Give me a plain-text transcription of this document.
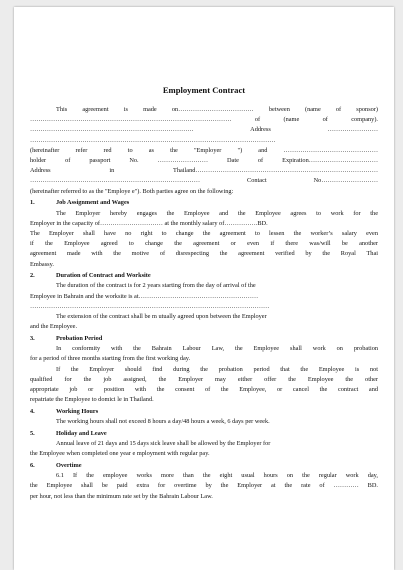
Employment Contract

This agreement is made on……………………………… between (name of sponsor)

…………………………………………………………………………………… of (name of company).

…………………………………………………………………… Address ……………………

………………………………………………………………………………………………………

(hereinafter refer red to as the "Employer ") and ………………………………………

holder of passport No. …………………… Date of Expiration……………………………

Address in Thailand……………………………………………………………………………

……………………………………………………………………… Contact No………………………

(hereinafter referred to as the "Employe e"). Both parties agree on the following:

1.	Job Assignment and Wages

The Employer hereby engages the Employee and the Employee agrees to work for the

Employer in the capacity of………………………… at the monthly salary of…………….BD.

The Employer shall have no right to change the agreement to lessen the worker’s salary even

if the Employee agreed to change the agreement or even if there was/will be another

agreement made with the motive of disrespecting the agreement verified by the Royal Thai

Embassy.

2.	Duration of Contract and Worksite

The duration of the contract is for 2 years starting from the day of arrival of the

Employee in Bahrain and the worksite is at…………………………………………………

……………………………………………………………………………………………………

The extension of the contract shall be m utually agreed upon between the Employer

and the Employee.

3.	Probation Period

In conformity with the Bahrain Labour Law, the Employee shall work on probation

for a period of three months starting from the first working day.

If the Employer should find during the probation period that the Employee is not

qualified for the job assigned, the Employer may either offer the Employee the other

appropriate job or position with the consent of the Employee, or cancel the contract and

repatriate the Employee to domici le in Thailand.

4.	Working Hours

The working hours shall not exceed 8 hours a day/48 hours a week, 6 days per week.

5.	Holiday and Leave

Annual leave of 21 days and 15 days sick leave shall be allowed by the Employer for

the Employee when completed one year e mployment with regular pay.

6.	Overtime

6.1 If the employee works more than the eight usual hours on the regular work day,

the Employee shall be paid extra for overtime by the Employer at the rate of ………… BD.

per hour, not less than the minimum rate set by the Bahrain Labour Law.
